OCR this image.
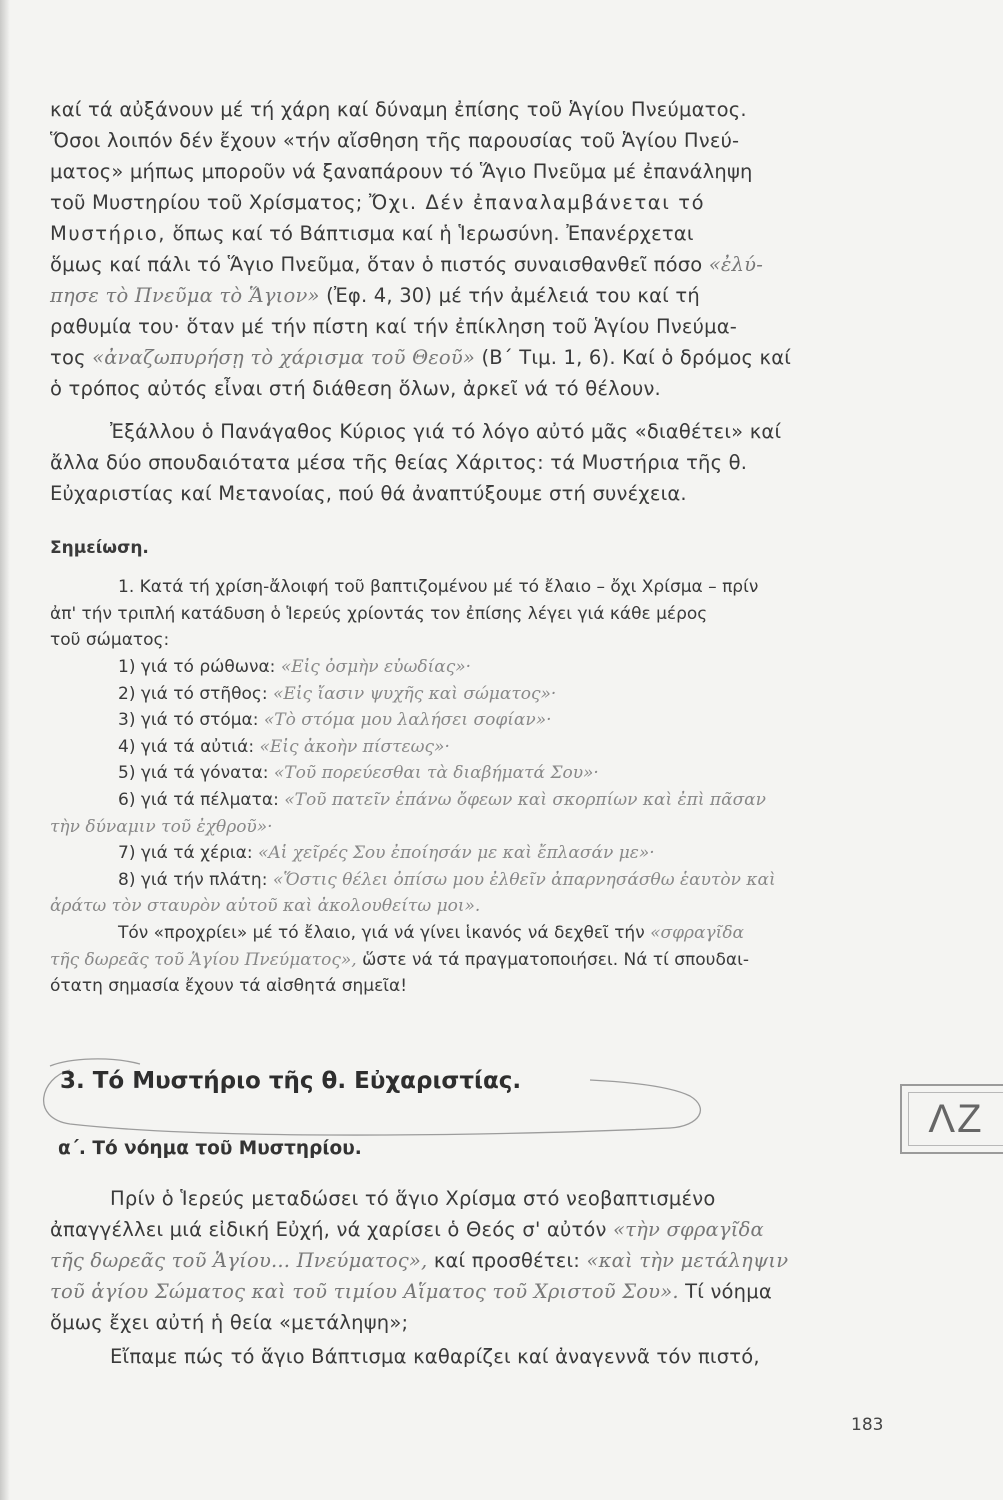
καί τά αὐξάνουν μέ τή χάρη καί δύναμη ἐπίσης τοῦ Ἁγίου Πνεύματος.
Ὅσοι λοιπόν δέν ἔχουν «τήν αἴσθηση τῆς παρουσίας τοῦ Ἁγίου Πνεύ-
ματος» μήπως μποροῦν νά ξαναπάρουν τό Ἅγιο Πνεῦμα μέ ἐπανάληψη
τοῦ Μυστηρίου τοῦ Χρίσματος; Ὄχι. Δέν ἐπαναλαμβάνεται τό
Μυστήριο, ὅπως καί τό Βάπτισμα καί ἡ Ἱερωσύνη. Ἐπανέρχεται
ὅμως καί πάλι τό Ἅγιο Πνεῦμα, ὅταν ὁ πιστός συναισθανθεῖ πόσο «ἐλύ-
πησε τὸ Πνεῦμα τὸ Ἅγιον» (Ἐφ. 4, 30) μέ τήν ἀμέλειά του καί τή
ραθυμία του· ὅταν μέ τήν πίστη καί τήν ἐπίκληση τοῦ Ἁγίου Πνεύμα-
τος «ἀναζωπυρήσῃ τὸ χάρισμα τοῦ Θεοῦ» (Β΄ Τιμ. 1, 6). Καί ὁ δρόμος καί
ὁ τρόπος αὐτός εἶναι στή διάθεση ὅλων, ἀρκεῖ νά τό θέλουν.

Ἐξάλλου ὁ Πανάγαθος Κύριος γιά τό λόγο αὐτό μᾶς «διαθέτει» καί
ἄλλα δύο σπουδαιότατα μέσα τῆς θείας Χάριτος: τά Μυστήρια τῆς θ.
Εὐχαριστίας καί Μετανοίας, πού θά ἀναπτύξουμε στή συνέχεια.

Σημείωση.

1. Κατά τή χρίση-ἄλοιφή τοῦ βαπτιζομένου μέ τό ἔλαιο – ὄχι Χρίσμα – πρίν
ἀπ' τήν τριπλή κατάδυση ὁ Ἱερεύς χρίοντάς τον ἐπίσης λέγει γιά κάθε μέρος
τοῦ σώματος:

1) γιά τό ρώθωνα: «Εἰς ὀσμὴν εὐωδίας»·
2) γιά τό στῆθος: «Εἰς ἴασιν ψυχῆς καὶ σώματος»·
3) γιά τό στόμα: «Τὸ στόμα μου λαλήσει σοφίαν»·
4) γιά τά αὐτιά: «Εἰς ἀκοὴν πίστεως»·
5) γιά τά γόνατα: «Τοῦ πορεύεσθαι τὰ διαβήματά Σου»·
6) γιά τά πέλματα: «Τοῦ πατεῖν ἐπάνω ὄφεων καὶ σκορπίων καὶ ἐπὶ πᾶσαν
τὴν δύναμιν τοῦ ἐχθροῦ»·
7) γιά τά χέρια: «Αἱ χεῖρές Σου ἐποίησάν με καὶ ἔπλασάν με»·
8) γιά τήν πλάτη: «Ὅστις θέλει ὀπίσω μου ἐλθεῖν ἀπαρνησάσθω ἑαυτὸν καὶ
ἀράτω τὸν σταυρὸν αὐτοῦ καὶ ἀκολουθείτω μοι».
Τόν «προχρίει» μέ τό ἔλαιο, γιά νά γίνει ἱκανός νά δεχθεῖ τήν «σφραγῖδα
τῆς δωρεᾶς τοῦ Ἁγίου Πνεύματος», ὥστε νά τά πραγματοποιήσει. Νά τί σπουδαι-
ότατη σημασία ἔχουν τά αἰσθητά σημεῖα!
3. Τό Μυστήριο τῆς θ. Εὐχαριστίας.
α΄. Τό νόημα τοῦ Μυστηρίου.
ΛΖ

Πρίν ὁ Ἱερεύς μεταδώσει τό ἅγιο Χρίσμα στό νεοβαπτισμένο
ἀπαγγέλλει μιά εἰδική Εὐχή, νά χαρίσει ὁ Θεός σ' αὐτόν «τὴν σφραγῖδα
τῆς δωρεᾶς τοῦ Ἁγίου... Πνεύματος», καί προσθέτει: «καὶ τὴν μετάληψιν
τοῦ ἁγίου Σώματος καὶ τοῦ τιμίου Αἵματος τοῦ Χριστοῦ Σου». Τί νόημα
ὅμως ἔχει αὐτή ἡ θεία «μετάληψη»;

Εἴπαμε πώς τό ἅγιο Βάπτισμα καθαρίζει καί ἀναγεννᾶ τόν πιστό,

183
